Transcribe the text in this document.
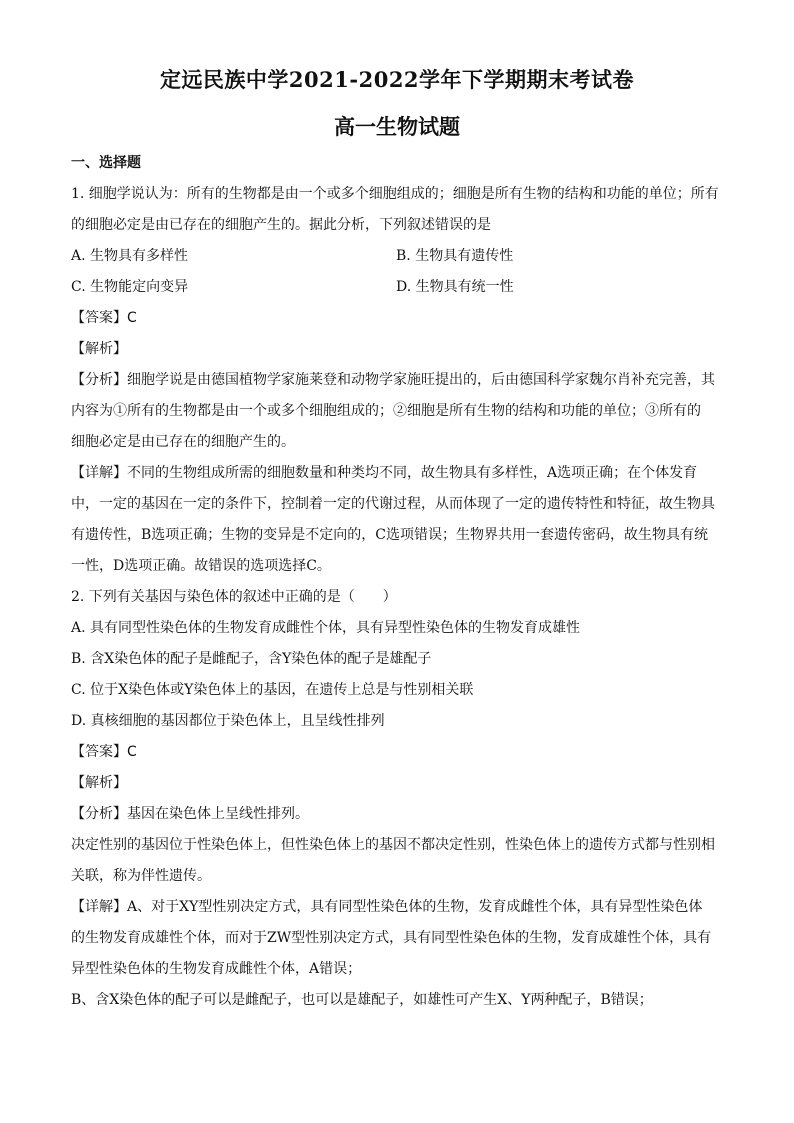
定远民族中学2021-2022学年下学期期末考试卷
高一生物试题
一、选择题
1. 细胞学说认为：所有的生物都是由一个或多个细胞组成的；细胞是所有生物的结构和功能的单位；所有
的细胞必定是由已存在的细胞产生的。据此分析，下列叙述错误的是
A. 生物具有多样性	B. 生物具有遗传性
C. 生物能定向变异	D. 生物具有统一性
【答案】C
【解析】
【分析】细胞学说是由德国植物学家施莱登和动物学家施旺提出的，后由德国科学家魏尔肖补充完善，其
内容为①所有的生物都是由一个或多个细胞组成的；②细胞是所有生物的结构和功能的单位；③所有的
细胞必定是由已存在的细胞产生的。
【详解】不同的生物组成所需的细胞数量和种类均不同，故生物具有多样性，A选项正确；在个体发育
中，一定的基因在一定的条件下，控制着一定的代谢过程，从而体现了一定的遗传特性和特征，故生物具
有遗传性，B选项正确；生物的变异是不定向的，C选项错误；生物界共用一套遗传密码，故生物具有统
一性，D选项正确。故错误的选项选择C。
2. 下列有关基因与染色体的叙述中正确的是（　　）
A. 具有同型性染色体的生物发育成雌性个体，具有异型性染色体的生物发育成雄性
B. 含X染色体的配子是雌配子，含Y染色体的配子是雄配子
C. 位于X染色体或Y染色体上的基因，在遗传上总是与性别相关联
D. 真核细胞的基因都位于染色体上，且呈线性排列
【答案】C
【解析】
【分析】基因在染色体上呈线性排列。
决定性别的基因位于性染色体上，但性染色体上的基因不都决定性别，性染色体上的遗传方式都与性别相
关联，称为伴性遗传。
【详解】A、对于XY型性别决定方式，具有同型性染色体的生物，发育成雌性个体，具有异型性染色体
的生物发育成雄性个体，而对于ZW型性别决定方式，具有同型性染色体的生物，发育成雄性个体，具有
异型性染色体的生物发育成雌性个体，A错误；
B、含X染色体的配子可以是雌配子，也可以是雄配子，如雄性可产生X、Y两种配子，B错误；
